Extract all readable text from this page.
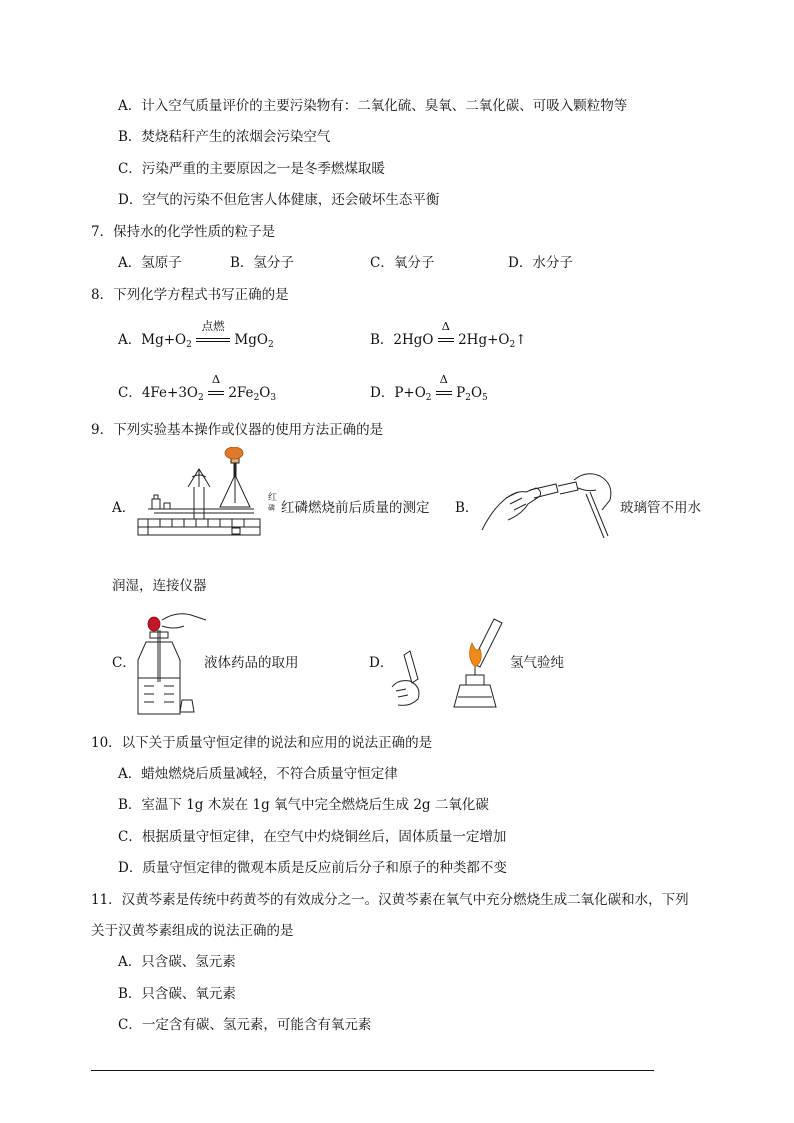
A．计入空气质量评价的主要污染物有：二氧化硫、臭氧、二氧化碳、可吸入颗粒物等
B．焚烧秸秆产生的浓烟会污染空气
C．污染严重的主要原因之一是冬季燃煤取暖
D．空气的污染不但危害人体健康，还会破坏生态平衡
7．保持水的化学性质的粒子是
A．氢原子	B．氢分子	C．氧分子	D．水分子
8．下列化学方程式书写正确的是
A．$Mg+O_2$
点燃
MgO$_2$	B．2HgO
Δ
$2Hg+O_2↑$
C．$4Fe+3O_2$
Δ
$2Fe_2O_3$	D．$P+O_2$
Δ
$P_2O_5$
9．下列实验基本操作或仪器的使用方法正确的是
A．
红
磷 红磷燃烧前后质量的测定 B．	玻璃管不用水
润湿，连接仪器
C．	液体药品的取用	D．	氢气验纯
10．以下关于质量守恒定律的说法和应用的说法正确的是
A．蜡烛燃烧后质量减轻，不符合质量守恒定律
B．室温下 1g 木炭在 1g 氧气中完全燃烧后生成 2g 二氧化碳
C．根据质量守恒定律，在空气中灼烧铜丝后，固体质量一定增加
D．质量守恒定律的微观本质是反应前后分子和原子的种类都不变
11．汉黄芩素是传统中药黄芩的有效成分之一。汉黄芩素在氧气中充分燃烧生成二氧化碳和水，下列
关于汉黄芩素组成的说法正确的是
A．只含碳、氢元素
B．只含碳、氧元素
C．一定含有碳、氢元素，可能含有氧元素
